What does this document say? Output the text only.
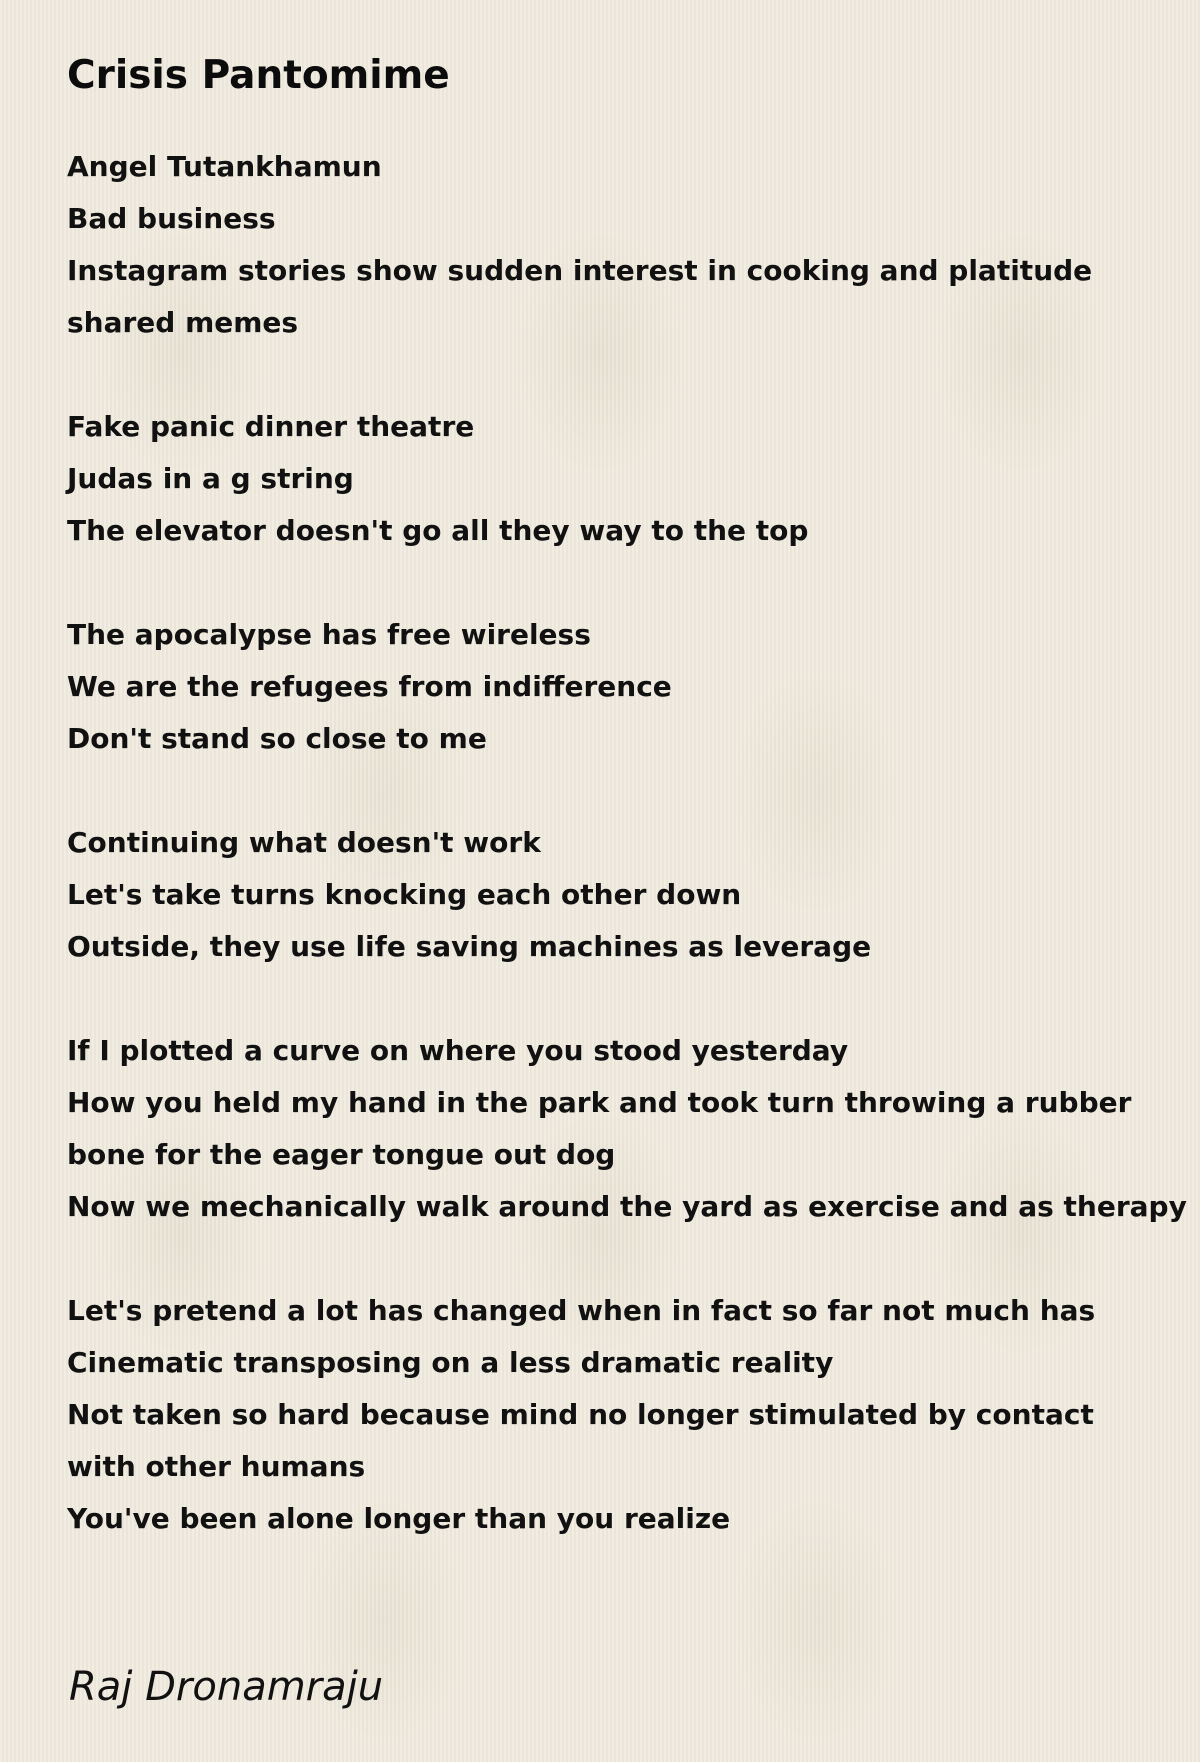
Crisis Pantomime
Angel Tutankhamun
Bad business
Instagram stories show sudden interest in cooking and platitude
shared memes
Fake panic dinner theatre
Judas in a g string
The elevator doesn't go all they way to the top
The apocalypse has free wireless
We are the refugees from indifference
Don't stand so close to me
Continuing what doesn't work
Let's take turns knocking each other down
Outside, they use life saving machines as leverage
If I plotted a curve on where you stood yesterday
How you held my hand in the park and took turn throwing a rubber
bone for the eager tongue out dog
Now we mechanically walk around the yard as exercise and as therapy
Let's pretend a lot has changed when in fact so far not much has
Cinematic transposing on a less dramatic reality
Not taken so hard because mind no longer stimulated by contact
with other humans
You've been alone longer than you realize
Raj Dronamraju
